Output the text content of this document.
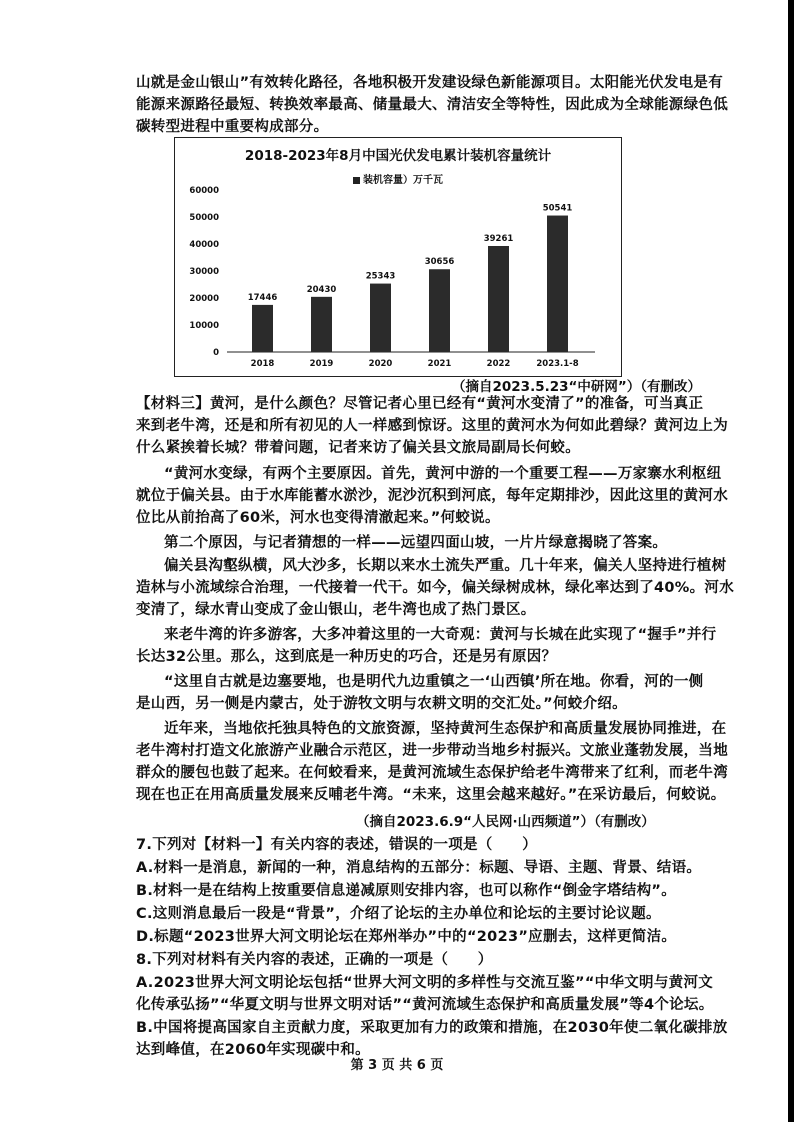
山就是金山银山”有效转化路径，各地积极开发建设绿色新能源项目。太阳能光伏发电是有
能源来源路径最短、转换效率最高、储量最大、清洁安全等特性，因此成为全球能源绿色低
碳转型进程中重要构成部分。
2018-2023年8月中国光伏发电累计装机容量统计
装机容量）万千瓦
0
10000
20000
30000
40000
50000
60000
17446
2018
20430
2019
25343
2020
30656
2021
39261
2022
50541
2023.1-8
（摘自2023.5.23“中研网”）（有删改）
【材料三】黄河，是什么颜色？尽管记者心里已经有“黄河水变清了”的准备，可当真正
来到老牛湾，还是和所有初见的人一样感到惊讶。这里的黄河水为何如此碧绿？黄河边上为
什么紧挨着长城？带着问题，记者来访了偏关县文旅局副局长何蛟。
“黄河水变绿，有两个主要原因。首先，黄河中游的一个重要工程——万家寨水利枢纽
就位于偏关县。由于水库能蓄水淤沙，泥沙沉积到河底，每年定期排沙，因此这里的黄河水
位比从前抬高了60米，河水也变得清澈起来。”何蛟说。
第二个原因，与记者猜想的一样——远望四面山坡，一片片绿意揭晓了答案。
偏关县沟壑纵横，风大沙多，长期以来水土流失严重。几十年来，偏关人坚持进行植树
造林与小流域综合治理，一代接着一代干。如今，偏关绿树成林，绿化率达到了40%。河水
变清了，绿水青山变成了金山银山，老牛湾也成了热门景区。
来老牛湾的许多游客，大多冲着这里的一大奇观：黄河与长城在此实现了“握手”并行
长达32公里。那么，这到底是一种历史的巧合，还是另有原因？
“这里自古就是边塞要地，也是明代九边重镇之一‘山西镇’所在地。你看，河的一侧
是山西，另一侧是内蒙古，处于游牧文明与农耕文明的交汇处。”何蛟介绍。
近年来，当地依托独具特色的文旅资源，坚持黄河生态保护和高质量发展协同推进，在
老牛湾村打造文化旅游产业融合示范区，进一步带动当地乡村振兴。文旅业蓬勃发展，当地
群众的腰包也鼓了起来。在何蛟看来，是黄河流域生态保护给老牛湾带来了红利，而老牛湾
现在也正在用高质量发展来反哺老牛湾。“未来，这里会越来越好。”在采访最后，何蛟说。
（摘自2023.6.9“人民网·山西频道”）（有删改）
7.下列对【材料一】有关内容的表述，错误的一项是（　　）
A.材料一是消息，新闻的一种，消息结构的五部分：标题、导语、主题、背景、结语。
B.材料一是在结构上按重要信息递减原则安排内容，也可以称作“倒金字塔结构”。
C.这则消息最后一段是“背景”，介绍了论坛的主办单位和论坛的主要讨论议题。
D.标题“2023世界大河文明论坛在郑州举办”中的“2023”应删去，这样更简洁。
8.下列对材料有关内容的表述，正确的一项是（　　）
A.2023世界大河文明论坛包括“世界大河文明的多样性与交流互鉴”“中华文明与黄河文
化传承弘扬”“华夏文明与世界文明对话”“黄河流域生态保护和高质量发展”等4个论坛。
B.中国将提高国家自主贡献力度，采取更加有力的政策和措施，在2030年使二氧化碳排放
达到峰值，在2060年实现碳中和。
第 3 页 共 6 页
